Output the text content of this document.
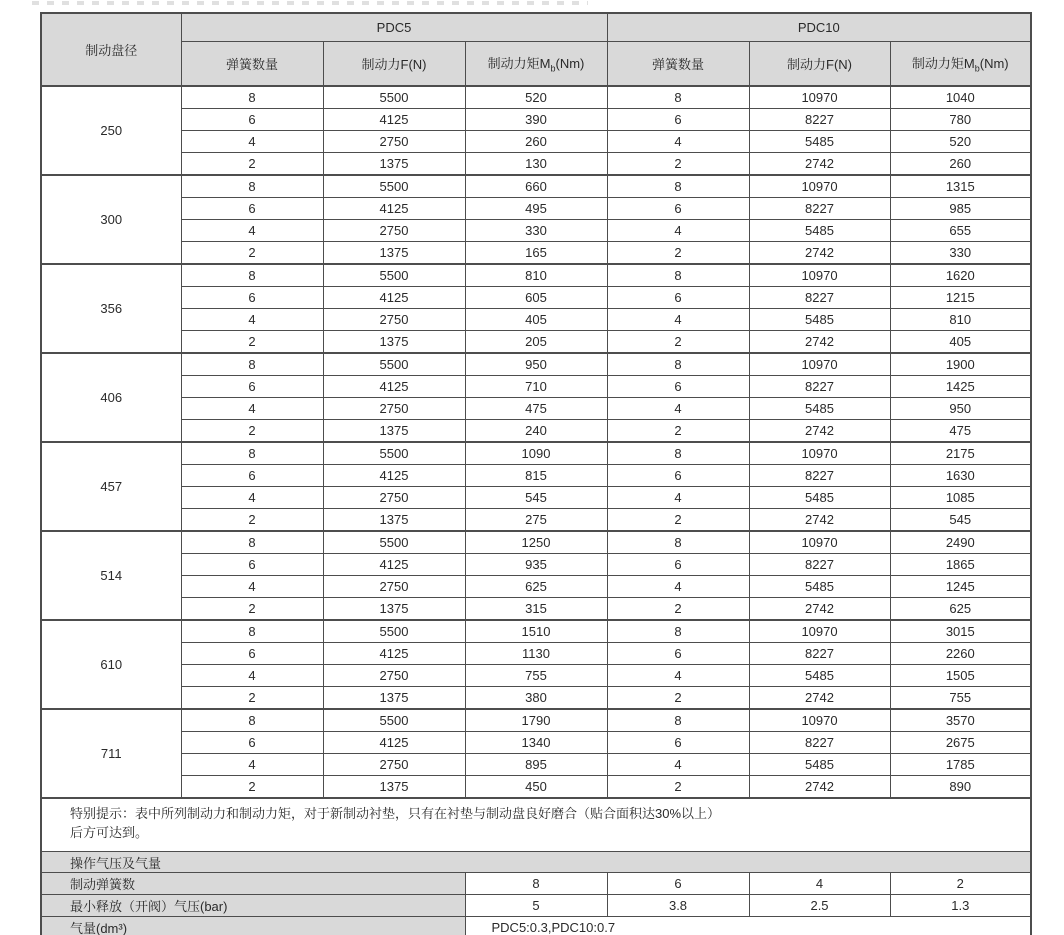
制动盘径	PDC5			PDC10		
	弹簧数量	制动力F(N)	制动力矩$M_b(Nm)$	弹簧数量	制动力F(N)	制动力矩$M_b(Nm)$
250	8	5500	520	8	10970	1040
	6	4125	390	6	8227	780
	4	2750	260	4	5485	520
	2	1375	130	2	2742	260
300	8	5500	660	8	10970	1315
	6	4125	495	6	8227	985
	4	2750	330	4	5485	655
	2	1375	165	2	2742	330
356	8	5500	810	8	10970	1620
	6	4125	605	6	8227	1215
	4	2750	405	4	5485	810
	2	1375	205	2	2742	405
406	8	5500	950	8	10970	1900
	6	4125	710	6	8227	1425
	4	2750	475	4	5485	950
	2	1375	240	2	2742	475
457	8	5500	1090	8	10970	2175
	6	4125	815	6	8227	1630
	4	2750	545	4	5485	1085
	2	1375	275	2	2742	545
514	8	5500	1250	8	10970	2490
	6	4125	935	6	8227	1865
	4	2750	625	4	5485	1245
	2	1375	315	2	2742	625
610	8	5500	1510	8	10970	3015
	6	4125	1130	6	8227	2260
	4	2750	755	4	5485	1505
	2	1375	380	2	2742	755
711	8	5500	1790	8	10970	3570
	6	4125	1340	6	8227	2675
	4	2750	895	4	5485	1785
	2	1375	450	2	2742	890

特别提示：表中所列制动力和制动力矩，对于新制动衬垫，只有在衬垫与制动盘良好磨合（贴合面积达30%以上）
后方可达到。						

操作气压及气量						
制动弹簧数			8	6	4	2
最小释放（开阀）气压(bar)			5	3.8	2.5	1.3
气量(dm³)			PDC5:0.3,PDC10:0.7			
